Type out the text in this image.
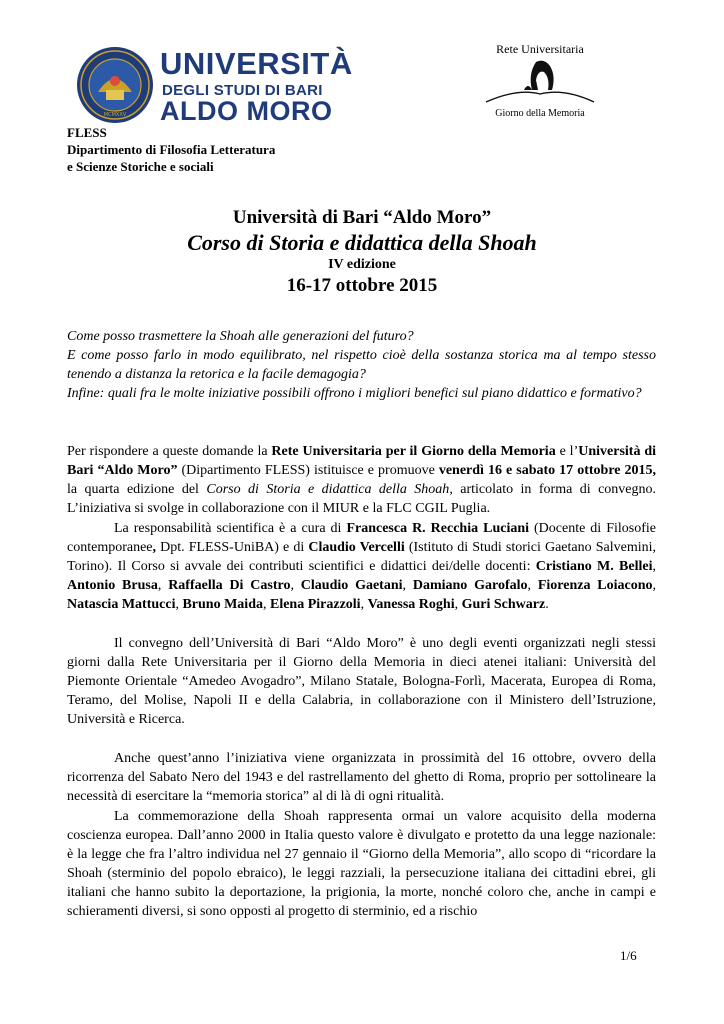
MCMXXV
UNIVERSITÀ
DEGLI STUDI DI BARI
ALDO MORO
Rete Universitaria
Giorno della Memoria
FLESS
Dipartimento di Filosofia Letteratura
e Scienze Storiche e sociali
Università di Bari “Aldo Moro”
Corso di Storia e didattica della Shoah
IV edizione
16-17 ottobre 2015

Come posso trasmettere la Shoah alle generazioni del futuro?

E come posso farlo in modo equilibrato, nel rispetto cioè della sostanza storica ma al tempo stesso tenendo a distanza la retorica e la facile demagogia?

Infine: quali fra le molte iniziative possibili offrono i migliori benefici sul piano didattico e formativo?

Per rispondere a queste domande la Rete Universitaria per il Giorno della Memoria e l’Università di Bari “Aldo Moro” (Dipartimento FLESS) istituisce e promuove venerdì 16 e sabato 17 ottobre 2015, la quarta edizione del Corso di Storia e didattica della Shoah, articolato in forma di convegno. L’iniziativa si svolge in collaborazione con il MIUR e la FLC CGIL Puglia.

La responsabilità scientifica è a cura di Francesca R. Recchia Luciani (Docente di Filosofie contemporanee, Dpt. FLESS-UniBA) e di Claudio Vercelli (Istituto di Studi storici Gaetano Salvemini, Torino). Il Corso si avvale dei contributi scientifici e didattici dei/delle docenti: Cristiano M. Bellei, Antonio Brusa, Raffaella Di Castro, Claudio Gaetani, Damiano Garofalo, Fiorenza Loiacono, Natascia Mattucci, Bruno Maida, Elena Pirazzoli, Vanessa Roghi, Guri Schwarz.

Il convegno dell’Università di Bari “Aldo Moro” è uno degli eventi organizzati negli stessi giorni dalla Rete Universitaria per il Giorno della Memoria in dieci atenei italiani: Università del Piemonte Orientale “Amedeo Avogadro”, Milano Statale, Bologna-Forlì, Macerata, Europea di Roma, Teramo, del Molise, Napoli II e della Calabria, in collaborazione con il Ministero dell’Istruzione, Università e Ricerca.

Anche quest’anno l’iniziativa viene organizzata in prossimità del 16 ottobre, ovvero della ricorrenza del Sabato Nero del 1943 e del rastrellamento del ghetto di Roma, proprio per sottolineare la necessità di esercitare la “memoria storica” al di là di ogni ritualità.

La commemorazione della Shoah rappresenta ormai un valore acquisito della moderna coscienza europea. Dall’anno 2000 in Italia questo valore è divulgato e protetto da una legge nazionale: è la legge che fra l’altro individua nel 27 gennaio il “Giorno della Memoria”, allo scopo di “ricordare la Shoah (sterminio del popolo ebraico), le leggi razziali, la persecuzione italiana dei cittadini ebrei, gli italiani che hanno subito la deportazione, la prigionia, la morte, nonché coloro che, anche in campi e schieramenti diversi, si sono opposti al progetto di sterminio, ed a rischio

1/6
